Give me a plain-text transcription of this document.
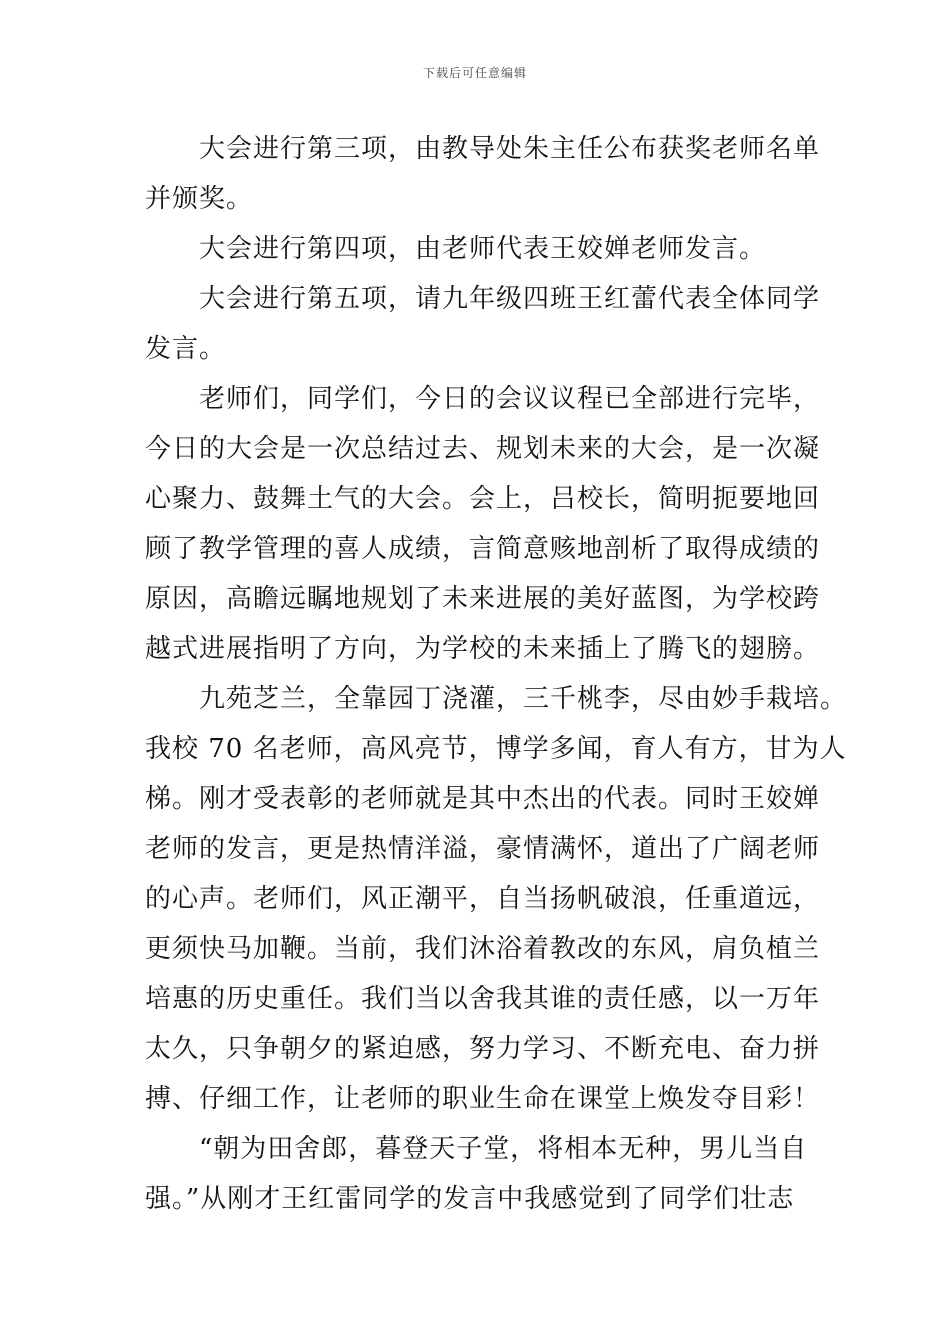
下载后可任意编辑
　　大会进行第三项，由教导处朱主任公布获奖老师名单
并颁奖。
　　大会进行第四项，由老师代表王姣婵老师发言。
　　大会进行第五项，请九年级四班王红蕾代表全体同学
发言。
　　老师们，同学们，今日的会议议程已全部进行完毕，
今日的大会是一次总结过去、规划未来的大会，是一次凝
心聚力、鼓舞土气的大会。会上，吕校长，简明扼要地回
顾了教学管理的喜人成绩，言简意赅地剖析了取得成绩的
原因，高瞻远瞩地规划了未来进展的美好蓝图，为学校跨
越式进展指明了方向，为学校的未来插上了腾飞的翅膀。
　　九苑芝兰，全靠园丁浇灌，三千桃李，尽由妙手栽培。
我校 70 名老师，高风亮节，博学多闻，育人有方，甘为人
梯。刚才受表彰的老师就是其中杰出的代表。同时王姣婵
老师的发言，更是热情洋溢，豪情满怀，道出了广阔老师
的心声。老师们，风正潮平，自当扬帆破浪，任重道远，
更须快马加鞭。当前，我们沐浴着教改的东风，肩负植兰
培惠的历史重任。我们当以舍我其谁的责任感，以一万年
太久，只争朝夕的紧迫感，努力学习、不断充电、奋力拼
搏、仔细工作，让老师的职业生命在课堂上焕发夺目彩！
　　“朝为田舍郎，暮登天子堂，将相本无种，男儿当自
强。”从刚才王红雷同学的发言中我感觉到了同学们壮志
